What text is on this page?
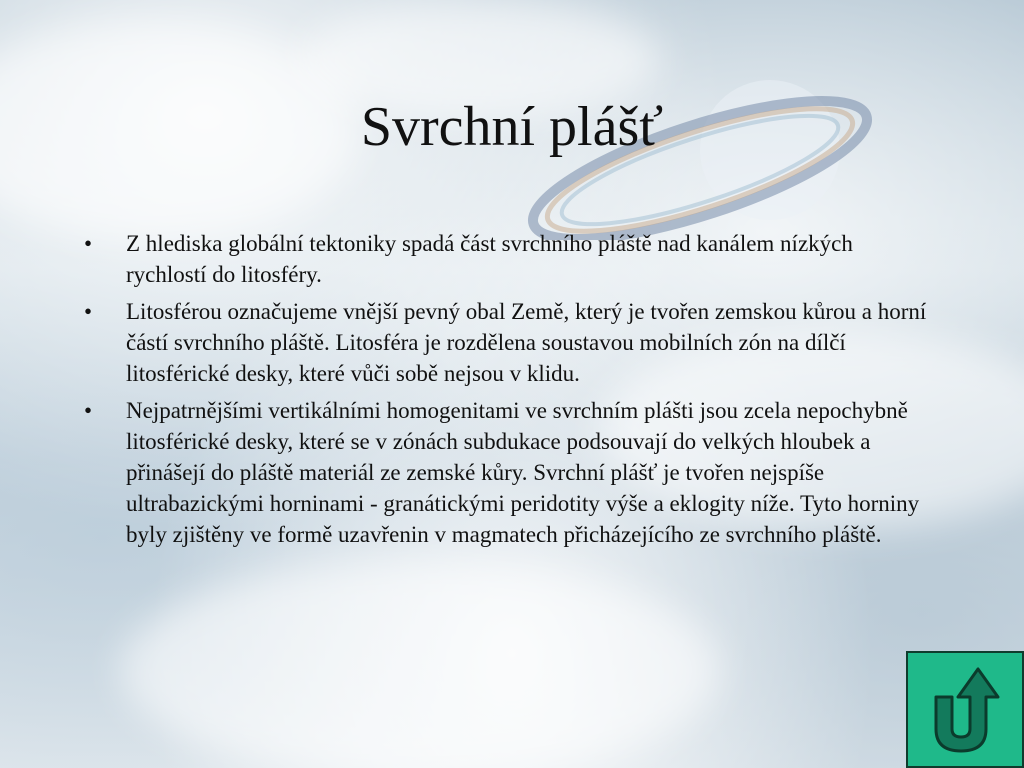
Svrchní plášť
•	Z hlediska globální tektoniky spadá část svrchního pláště nad kanálem nízkých rychlostí do litosféry.
•	Litosférou označujeme vnější pevný obal Země, který je tvořen zemskou kůrou a horní částí svrchního pláště. Litosféra je rozdělena soustavou mobilních zón na dílčí litosférické desky, které vůči sobě nejsou v klidu.
•	Nejpatrnějšími vertikálními homogenitami ve svrchním plášti jsou zcela nepochybně litosférické desky, které se v zónách subdukace podsouvají do velkých hloubek a přinášejí do pláště materiál ze zemské kůry. Svrchní plášť je tvořen nejspíše ultrabazickými horninami - granátickými peridotity výše a eklogity níže. Tyto horniny byly zjištěny ve formě uzavřenin v magmatech přicházejícího ze svrchního pláště.
